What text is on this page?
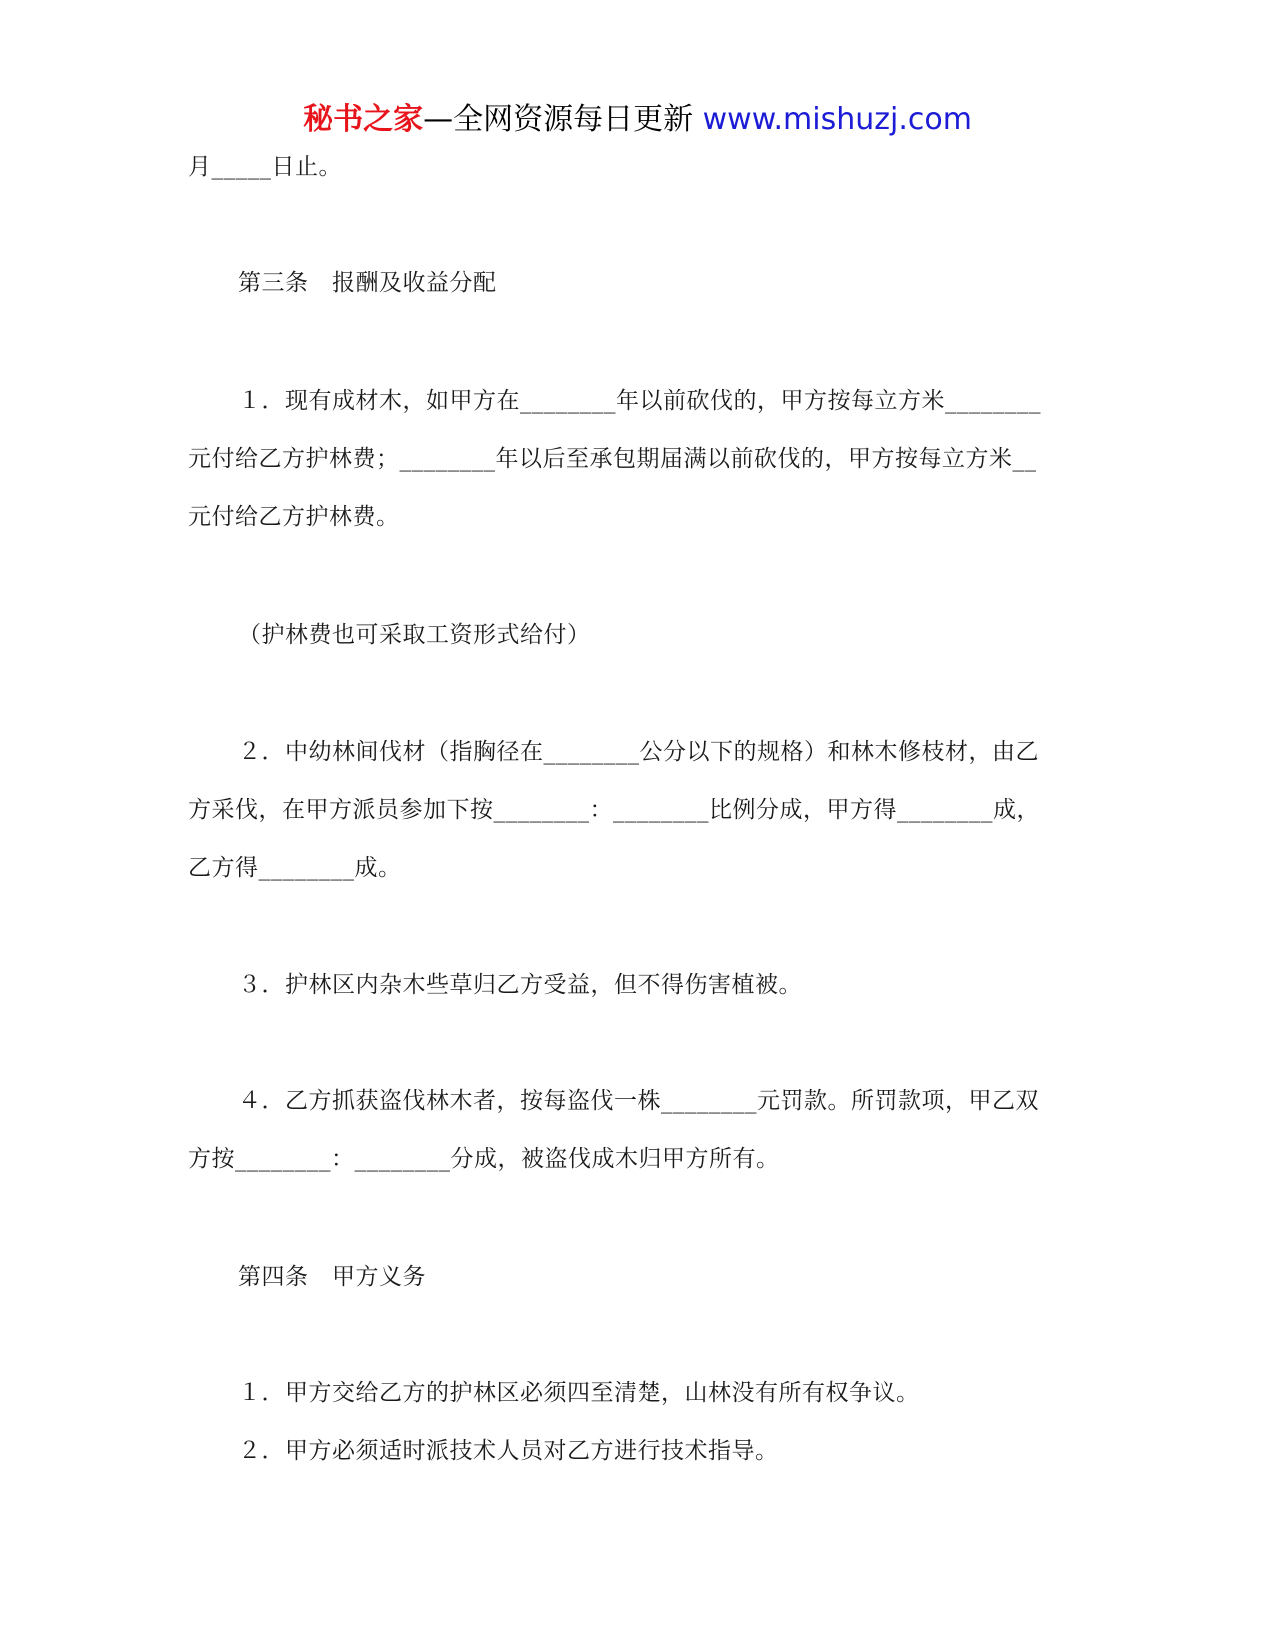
秘书之家—全网资源每日更新 www.mishuzj.com
月_____日止。
第三条　报酬及收益分配
１．现有成材木，如甲方在________年以前砍伐的，甲方按每立方米________
元付给乙方护林费；________年以后至承包期届满以前砍伐的，甲方按每立方米__
元付给乙方护林费。
（护林费也可采取工资形式给付）
２．中幼林间伐材（指胸径在________公分以下的规格）和林木修枝材，由乙
方采伐，在甲方派员参加下按________：________比例分成，甲方得________成，
乙方得________成。
３．护林区内杂木些草归乙方受益，但不得伤害植被。
４．乙方抓获盗伐林木者，按每盗伐一株________元罚款。所罚款项，甲乙双
方按________：________分成，被盗伐成木归甲方所有。
第四条　甲方义务
１．甲方交给乙方的护林区必须四至清楚，山林没有所有权争议。
２．甲方必须适时派技术人员对乙方进行技术指导。
